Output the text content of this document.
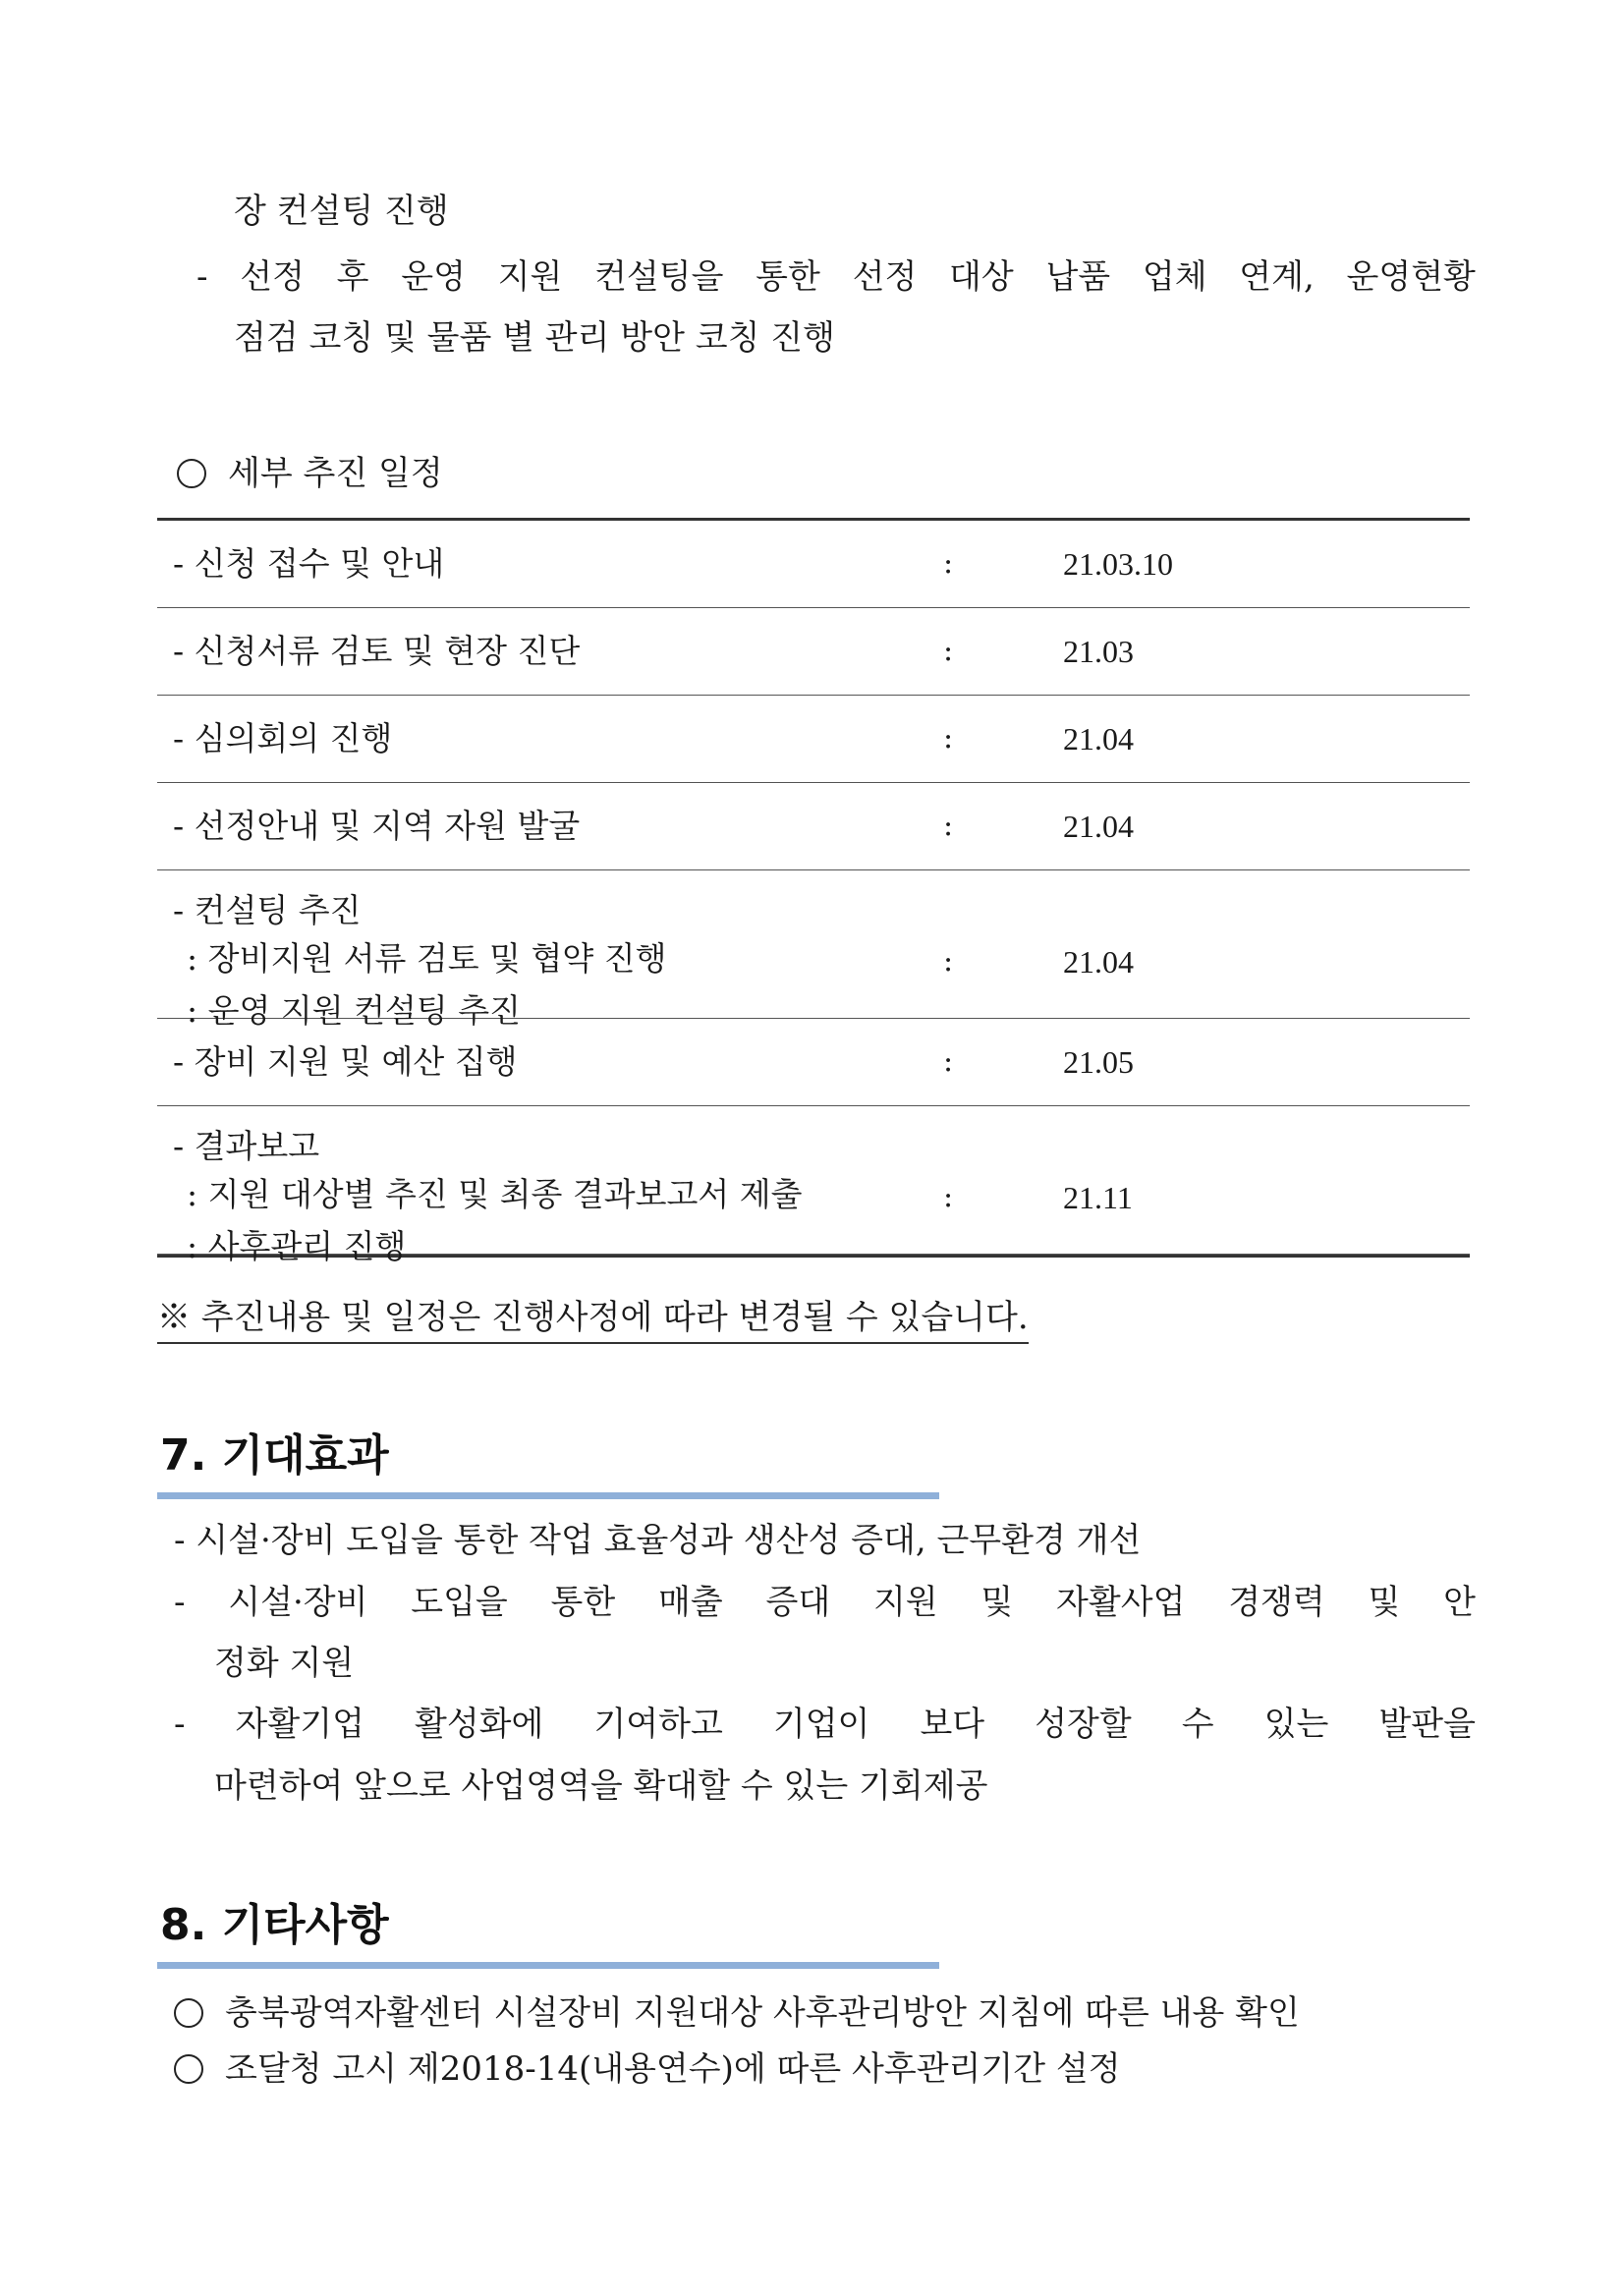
장 컨설팅 진행
- 선정 후 운영 지원 컨설팅을 통한 선정 대상 납품 업체 연계, 운영현황
점검 코칭 및 물품 별 관리 방안 코칭 진행
세부 추진 일정
- 신청 접수 및 안내	:	21.03.10
- 신청서류 검토 및 현장 진단	:	21.03
- 심의회의 진행	:	21.04
- 선정안내 및 지역 자원 발굴	:	21.04
- 컨설팅 추진
: 장비지원 서류 검토 및 협약 진행
: 운영 지원 컨설팅 추진
:	21.04
- 장비 지원 및 예산 집행	:	21.05
- 결과보고
: 지원 대상별 추진 및 최종 결과보고서 제출
: 사후관리 진행
:	21.11
※ 추진내용 및 일정은 진행사정에 따라 변경될 수 있습니다.
7. 기대효과
- 시설·장비 도입을 통한 작업 효율성과 생산성 증대, 근무환경 개선
- 시설·장비 도입을 통한 매출 증대 지원 및 자활사업 경쟁력 및 안
정화 지원
- 자활기업 활성화에 기여하고 기업이 보다 성장할 수 있는 발판을
마련하여 앞으로 사업영역을 확대할 수 있는 기회제공
8. 기타사항
충북광역자활센터 시설장비 지원대상 사후관리방안 지침에 따른 내용 확인
조달청 고시 제2018-14(내용연수)에 따른 사후관리기간 설정
